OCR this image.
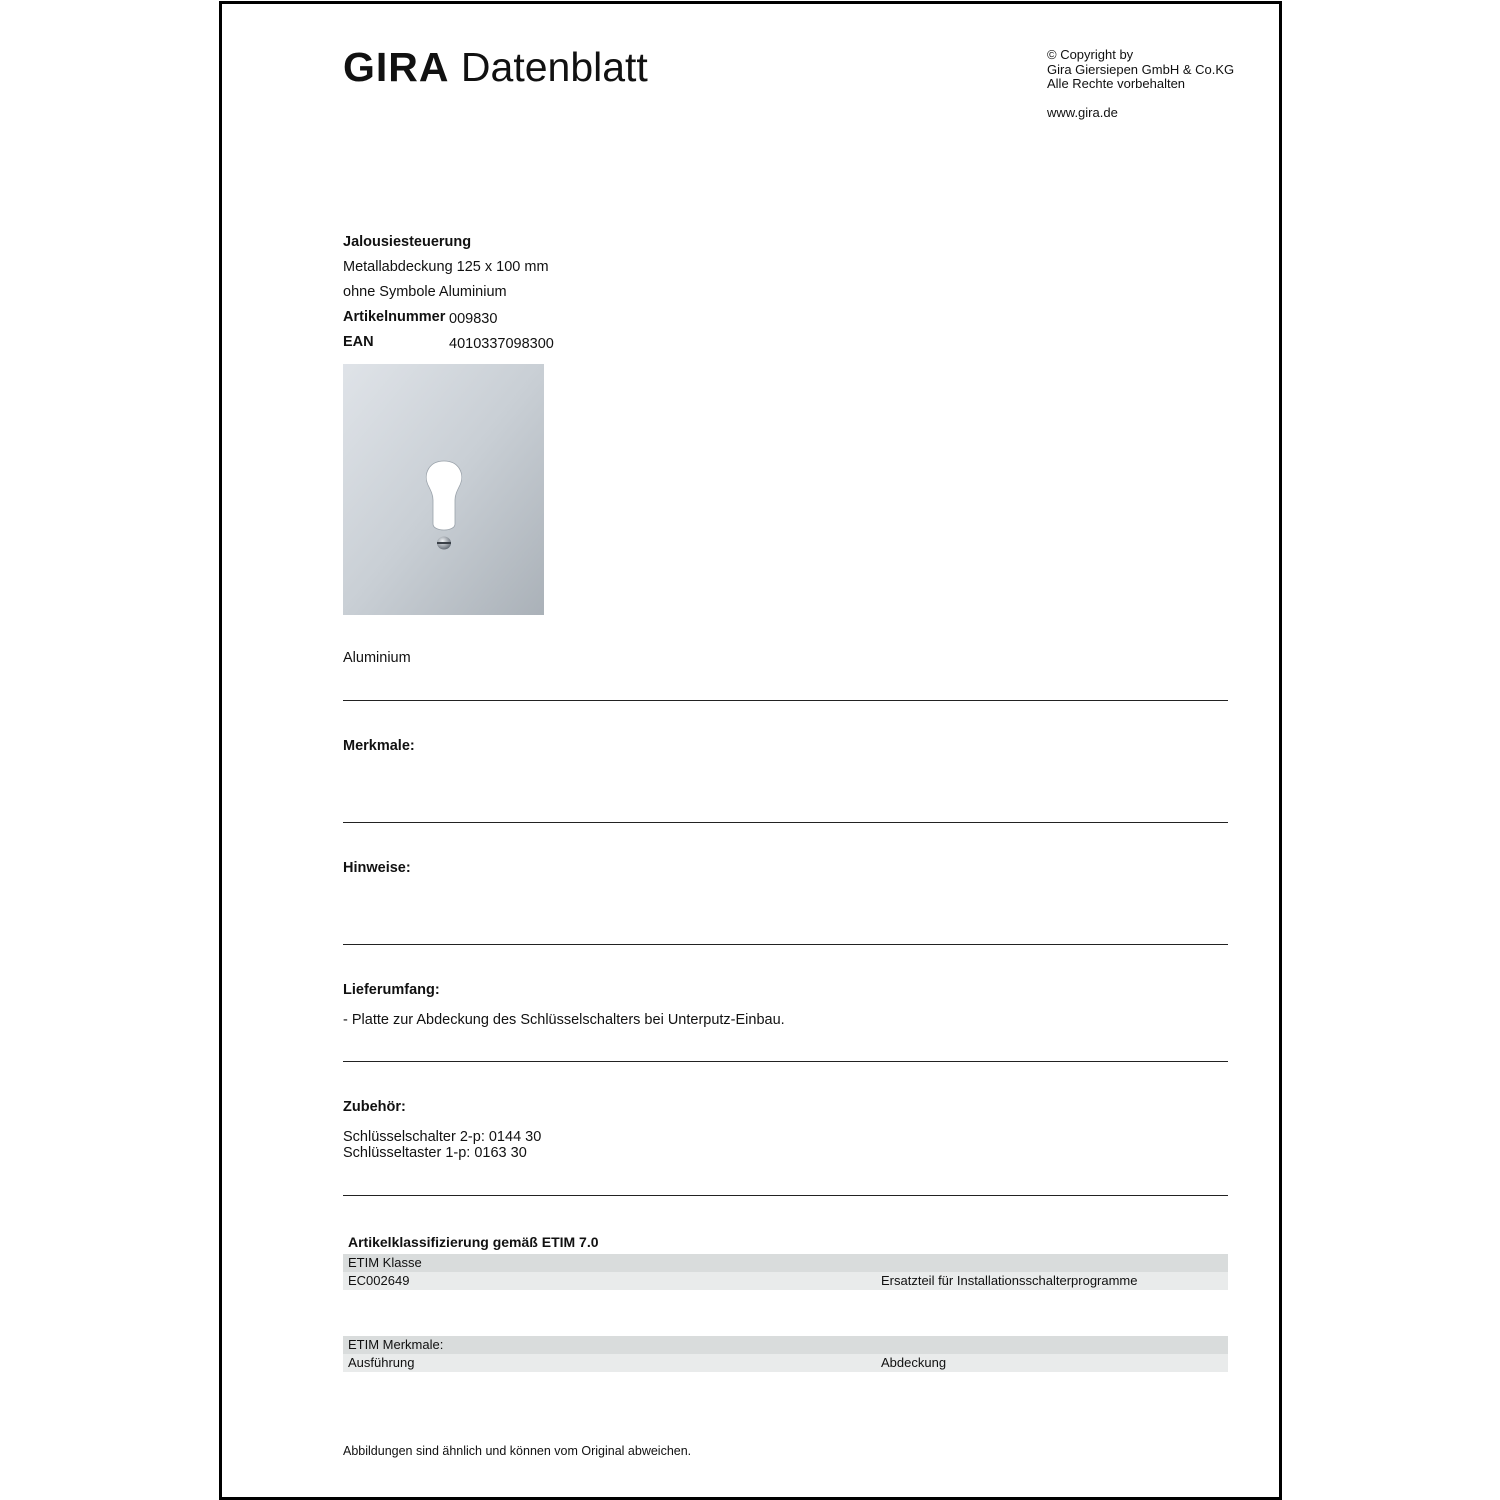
GIRA Datenblatt	© Copyright by
Gira Giersiepen GmbH & Co.KG
Alle Rechte vorbehalten
www.gira.de
Jalousiesteuerung
Metallabdeckung 125 x 100 mm
ohne Symbole Aluminium
Artikelnummer 009830
EAN	4010337098300
Aluminium
Merkmale:
Hinweise:
Lieferumfang:
- Platte zur Abdeckung des Schlüsselschalters bei Unterputz-Einbau.
Zubehör:
Schlüsselschalter 2-p: 0144 30
Schlüsseltaster 1-p: 0163 30
Artikelklassifizierung gemäß ETIM 7.0
ETIM Klasse
EC002649	Ersatzteil für Installationsschalterprogramme
ETIM Merkmale:
Ausführung	Abdeckung
Abbildungen sind ähnlich und können vom Original abweichen.
